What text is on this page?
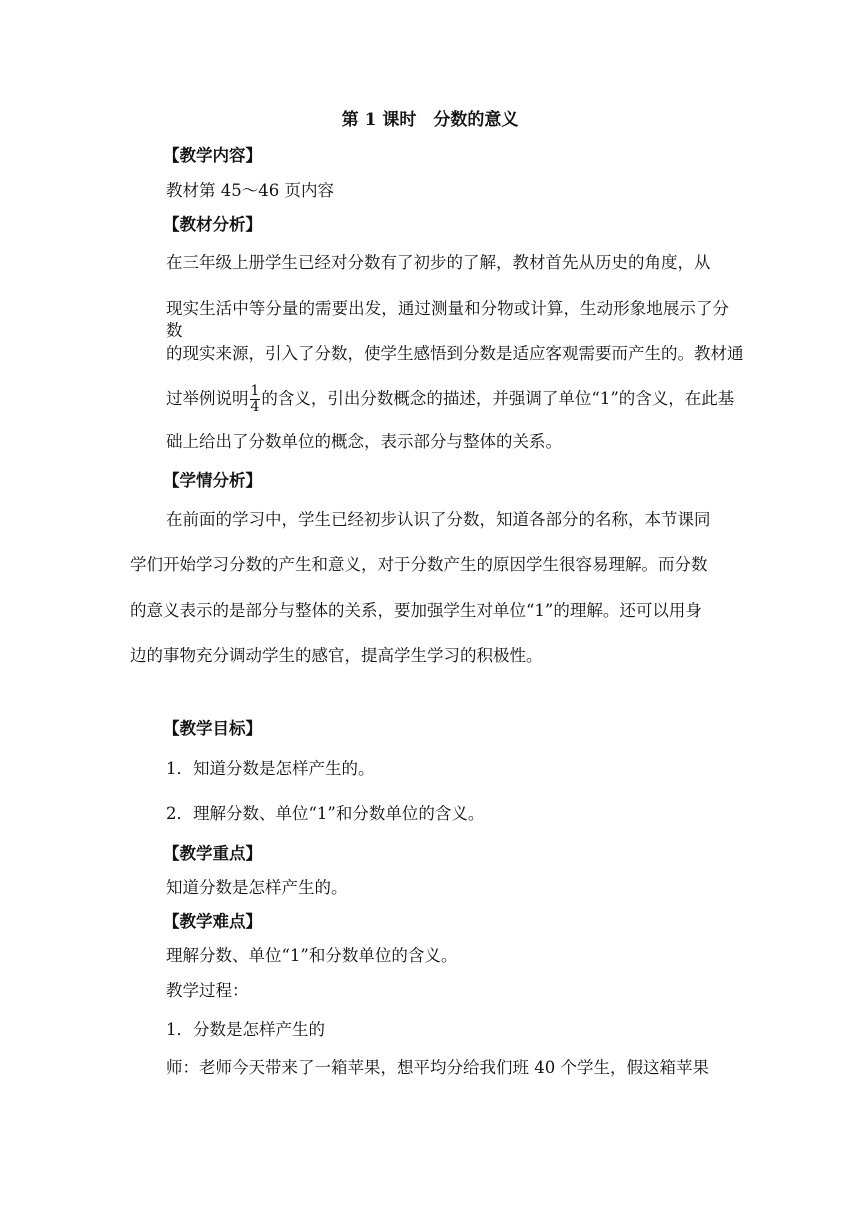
第 1 课时　分数的意义
【教学内容】
教材第 45～46 页内容
【教材分析】
在三年级上册学生已经对分数有了初步的了解，教材首先从历史的角度，从
现实生活中等分量的需要出发，通过测量和分物或计算，生动形象地展示了分数
的现实来源，引入了分数，使学生感悟到分数是适应客观需要而产生的。教材通
过举例说明 $\frac{1}{4}$ 的含义，引出分数概念的描述，并强调了单位“1”的含义，在此基
础上给出了分数单位的概念，表示部分与整体的关系。
【学情分析】
在前面的学习中，学生已经初步认识了分数，知道各部分的名称，本节课同
学们开始学习分数的产生和意义，对于分数产生的原因学生很容易理解。而分数
的意义表示的是部分与整体的关系，要加强学生对单位“1”的理解。还可以用身
边的事物充分调动学生的感官，提高学生学习的积极性。
【教学目标】
1．知道分数是怎样产生的。
2．理解分数、单位“1”和分数单位的含义。
【教学重点】
知道分数是怎样产生的。
【教学难点】
理解分数、单位“1”和分数单位的含义。
教学过程：
1．分数是怎样产生的
师：老师今天带来了一箱苹果，想平均分给我们班 40 个学生，假这箱苹果
